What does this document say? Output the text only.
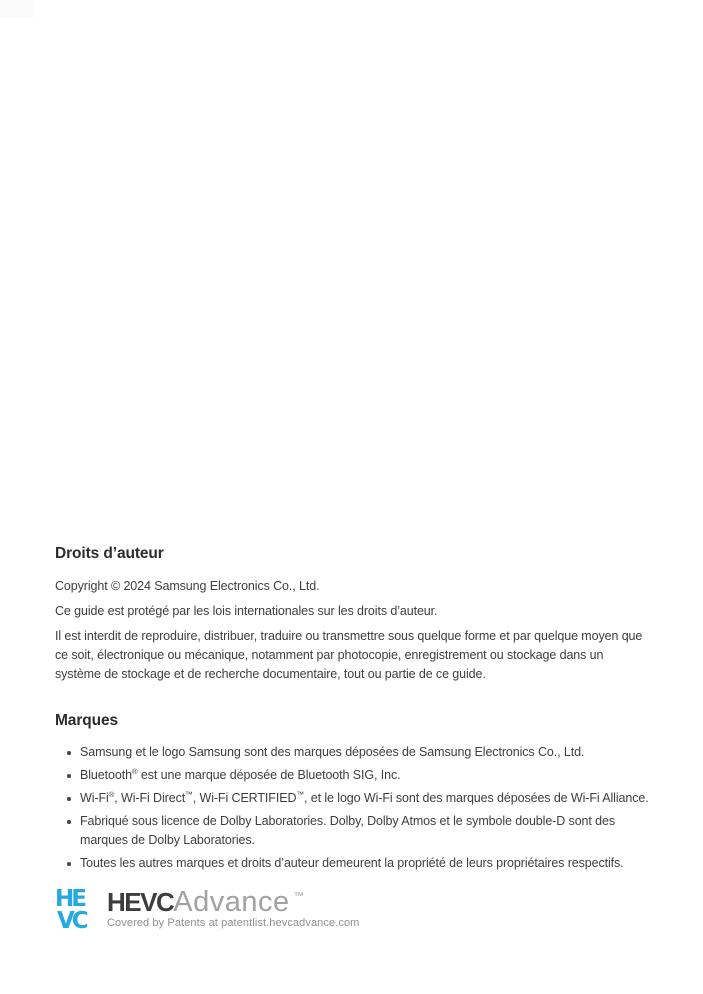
Droits d’auteur

Copyright © 2024 Samsung Electronics Co., Ltd.

Ce guide est protégé par les lois internationales sur les droits d’auteur.

Il est interdit de reproduire, distribuer, traduire ou transmettre sous quelque forme et par quelque moyen que ce soit, électronique ou mécanique, notamment par photocopie, enregistrement ou stockage dans un système de stockage et de recherche documentaire, tout ou partie de ce guide.

Marques
Samsung et le logo Samsung sont des marques déposées de Samsung Electronics Co., Ltd.
Bluetooth® est une marque déposée de Bluetooth SIG, Inc.
Wi-Fi®, Wi-Fi Direct™, Wi-Fi CERTIFIED™, et le logo Wi-Fi sont des marques déposées de Wi-Fi Alliance.
Fabriqué sous licence de Dolby Laboratories. Dolby, Dolby Atmos et le symbole double-D sont des marques de Dolby Laboratories.
Toutes les autres marques et droits d’auteur demeurent la propriété de leurs propriétaires respectifs.
HE
VC
HEVCAdvance ™
Covered by Patents at patentlist.hevcadvance.com
